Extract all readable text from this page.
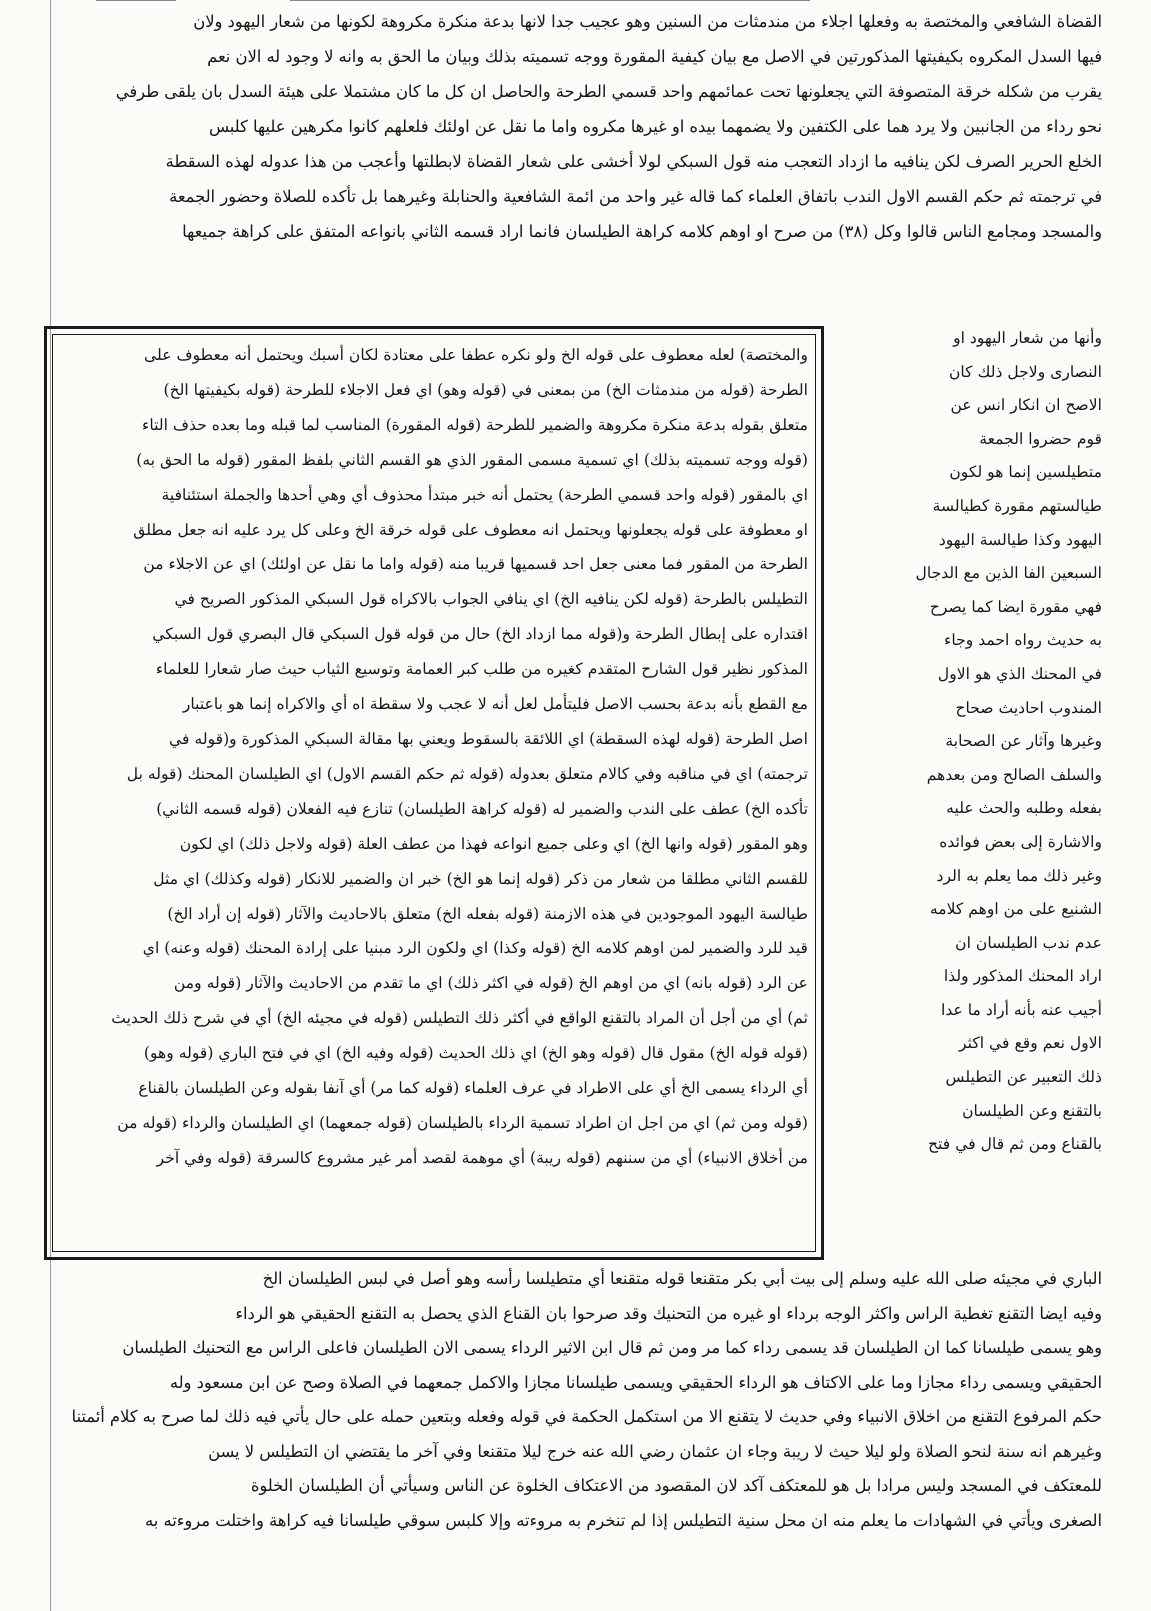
القضاة الشافعي والمختصة به وفعلها اجلاء من مندمثات من السنين وهو عجيب جدا لانها بدعة منكرة مكروهة لكونها من شعار اليهود ولان

فيها السدل المكروه بكيفيتها المذكورتين في الاصل مع بيان كيفية المقورة ووجه تسميته بذلك وبيان ما الحق به وانه لا وجود له الان نعم

يقرب من شكله خرقة المتصوفة التي يجعلونها تحت عمائمهم واحد قسمي الطرحة والحاصل ان كل ما كان مشتملا على هيئة السدل بان يلقى طرفي

نحو رداء من الجانبين ولا يرد هما على الكتفين ولا يضمهما بيده او غيرها مكروه واما ما نقل عن اولئك فلعلهم كانوا مكرهين عليها كلبس

الخلع الحرير الصرف لكن ينافيه ما ازداد التعجب منه قول السبكي لولا أخشى على شعار القضاة لابطلتها وأعجب من هذا عدوله لهذه السقطة

في ترجمته ثم حكم القسم الاول الندب باتفاق العلماء كما قاله غير واحد من ائمة الشافعية والحنابلة وغيرهما بل تأكده للصلاة وحضور الجمعة

والمسجد ومجامع الناس قالوا وكل (٣٨) من صرح او اوهم كلامه كراهة الطيلسان فانما اراد قسمه الثاني بانواعه المتفق على كراهة جميعها

وأنها من شعار اليهود او

النصارى ولاجل ذلك كان

الاصح ان انكار انس عن

قوم حضروا الجمعة

متطيلسين إنما هو لكون

طيالستهم مقورة كطيالسة

اليهود وكذا طيالسة اليهود

السبعين الفا الذين مع الدجال

فهي مقورة ايضا كما يصرح

به حديث رواه احمد وجاء

في المحنك الذي هو الاول

المندوب احاديث صحاح

وغيرها وآثار عن الصحابة

والسلف الصالح ومن بعدهم

بفعله وطلبه والحث عليه

والاشارة إلى بعض فوائده

وغير ذلك مما يعلم به الرد

الشنيع على من اوهم كلامه

عدم ندب الطيلسان ان

اراد المحنك المذكور ولذا

أجيب عنه بأنه أراد ما عدا

الاول نعم وقع في اكثر

ذلك التعبير عن التطيلس

بالتقنع وعن الطيلسان

بالقناع ومن ثم قال في فتح

والمختصة) لعله معطوف على قوله الخ ولو نكره عطفا على معتادة لكان أسبك ويحتمل أنه معطوف على

الطرحة (قوله من مندمثات الخ) من بمعنى في (قوله وهو) اي فعل الاجلاء للطرحة (قوله بكيفيتها الخ)

متعلق بقوله بدعة منكرة مكروهة والضمير للطرحة (قوله المقورة) المناسب لما قبله وما بعده حذف التاء

(قوله ووجه تسميته بذلك) اي تسمية مسمى المقور الذي هو القسم الثاني بلفظ المقور (قوله ما الحق به)

اي بالمقور (قوله واحد قسمي الطرحة) يحتمل أنه خبر مبتدأ محذوف أي وهي أحدها والجملة استئنافية

او معطوفة على قوله يجعلونها ويحتمل انه معطوف على قوله خرقة الخ وعلى كل يرد عليه انه جعل مطلق

الطرحة من المقور فما معنى جعل احد قسميها قريبا منه (قوله واما ما نقل عن اولئك) اي عن الاجلاء من

التطيلس بالطرحة (قوله لكن ينافيه الخ) اي ينافي الجواب بالاكراه قول السبكي المذكور الصريح في

اقتداره على إبطال الطرحة و(قوله مما ازداد الخ) حال من قوله قول السبكي قال البصري قول السبكي

المذكور نظير قول الشارح المتقدم كغيره من طلب كبر العمامة وتوسيع الثياب حيث صار شعارا للعلماء

مع القطع بأنه بدعة بحسب الاصل فليتأمل لعل أنه لا عجب ولا سقطة اه أي والاكراه إنما هو باعتبار

اصل الطرحة (قوله لهذه السقطة) اي اللائقة بالسقوط ويعني بها مقالة السبكي المذكورة و(قوله في

ترجمته) اي في مناقبه وفي كالام متعلق بعدوله (قوله ثم حكم القسم الاول) اي الطيلسان المحنك (قوله بل

تأكده الخ) عطف على الندب والضمير له (قوله كراهة الطيلسان) تنازع فيه الفعلان (قوله قسمه الثاني)

وهو المقور (قوله وانها الخ) اي وعلى جميع انواعه فهذا من عطف العلة (قوله ولاجل ذلك) اي لكون

للقسم الثاني مطلقا من شعار من ذكر (قوله إنما هو الخ) خبر ان والضمير للانكار (قوله وكذلك) اي مثل

طيالسة اليهود الموجودين في هذه الازمنة (قوله بفعله الخ) متعلق بالاحاديث والآثار (قوله إن أراد الخ)

قيد للرد والضمير لمن اوهم كلامه الخ (قوله وكذا) اي ولكون الرد مبنيا على إرادة المحنك (قوله وعنه) اي

عن الرد (قوله بانه) اي من اوهم الخ (قوله في اكثر ذلك) اي ما تقدم من الاحاديث والآثار (قوله ومن

ثم) أي من أجل أن المراد بالتقنع الواقع في أكثر ذلك التطيلس (قوله في مجيئه الخ) أي في شرح ذلك الحديث

(قوله قوله الخ) مقول قال (قوله وهو الخ) اي ذلك الحديث (قوله وفيه الخ) اي في فتح الباري (قوله وهو)

أي الرداء يسمى الخ أي على الاطراد في عرف العلماء (قوله كما مر) أي آنفا بقوله وعن الطيلسان بالقناع

(قوله ومن ثم) اي من اجل ان اطراد تسمية الرداء بالطيلسان (قوله جمعهما) اي الطيلسان والرداء (قوله من

من أخلاق الانبياء) أي من سننهم (قوله ريبة) أي موهمة لقصد أمر غير مشروع كالسرقة (قوله وفي آخر

الباري في مجيئه صلى الله عليه وسلم إلى بيت أبي بكر متقنعا قوله متقنعا أي متطيلسا رأسه وهو أصل في لبس الطيلسان الخ

وفيه ايضا التقنع تغطية الراس واكثر الوجه برداء او غيره من التحنيك وقد صرحوا بان القناع الذي يحصل به التقنع الحقيقي هو الرداء

وهو يسمى طيلسانا كما ان الطيلسان قد يسمى رداء كما مر ومن ثم قال ابن الاثير الرداء يسمى الان الطيلسان فاعلى الراس مع التحنيك الطيلسان

الحقيقي ويسمى رداء مجازا وما على الاكتاف هو الرداء الحقيقي ويسمى طيلسانا مجازا والاكمل جمعهما في الصلاة وصح عن ابن مسعود وله

حكم المرفوع التقنع من اخلاق الانبياء وفي حديث لا يتقنع الا من استكمل الحكمة في قوله وفعله وبتعين حمله على حال يأتي فيه ذلك لما صرح به كلام أئمتنا

وغيرهم انه سنة لنحو الصلاة ولو ليلا حيث لا ريبة وجاء ان عثمان رضي الله عنه خرج ليلا متقنعا وفي آخر ما يقتضي ان التطيلس لا يسن

للمعتكف في المسجد وليس مرادا بل هو للمعتكف آكد لان المقصود من الاعتكاف الخلوة عن الناس وسيأتي أن الطيلسان الخلوة

الصغرى ويأتي في الشهادات ما يعلم منه ان محل سنية التطيلس إذا لم تنخرم به مروءته وإلا كلبس سوقي طيلسانا فيه كراهة واختلت مروءته به
